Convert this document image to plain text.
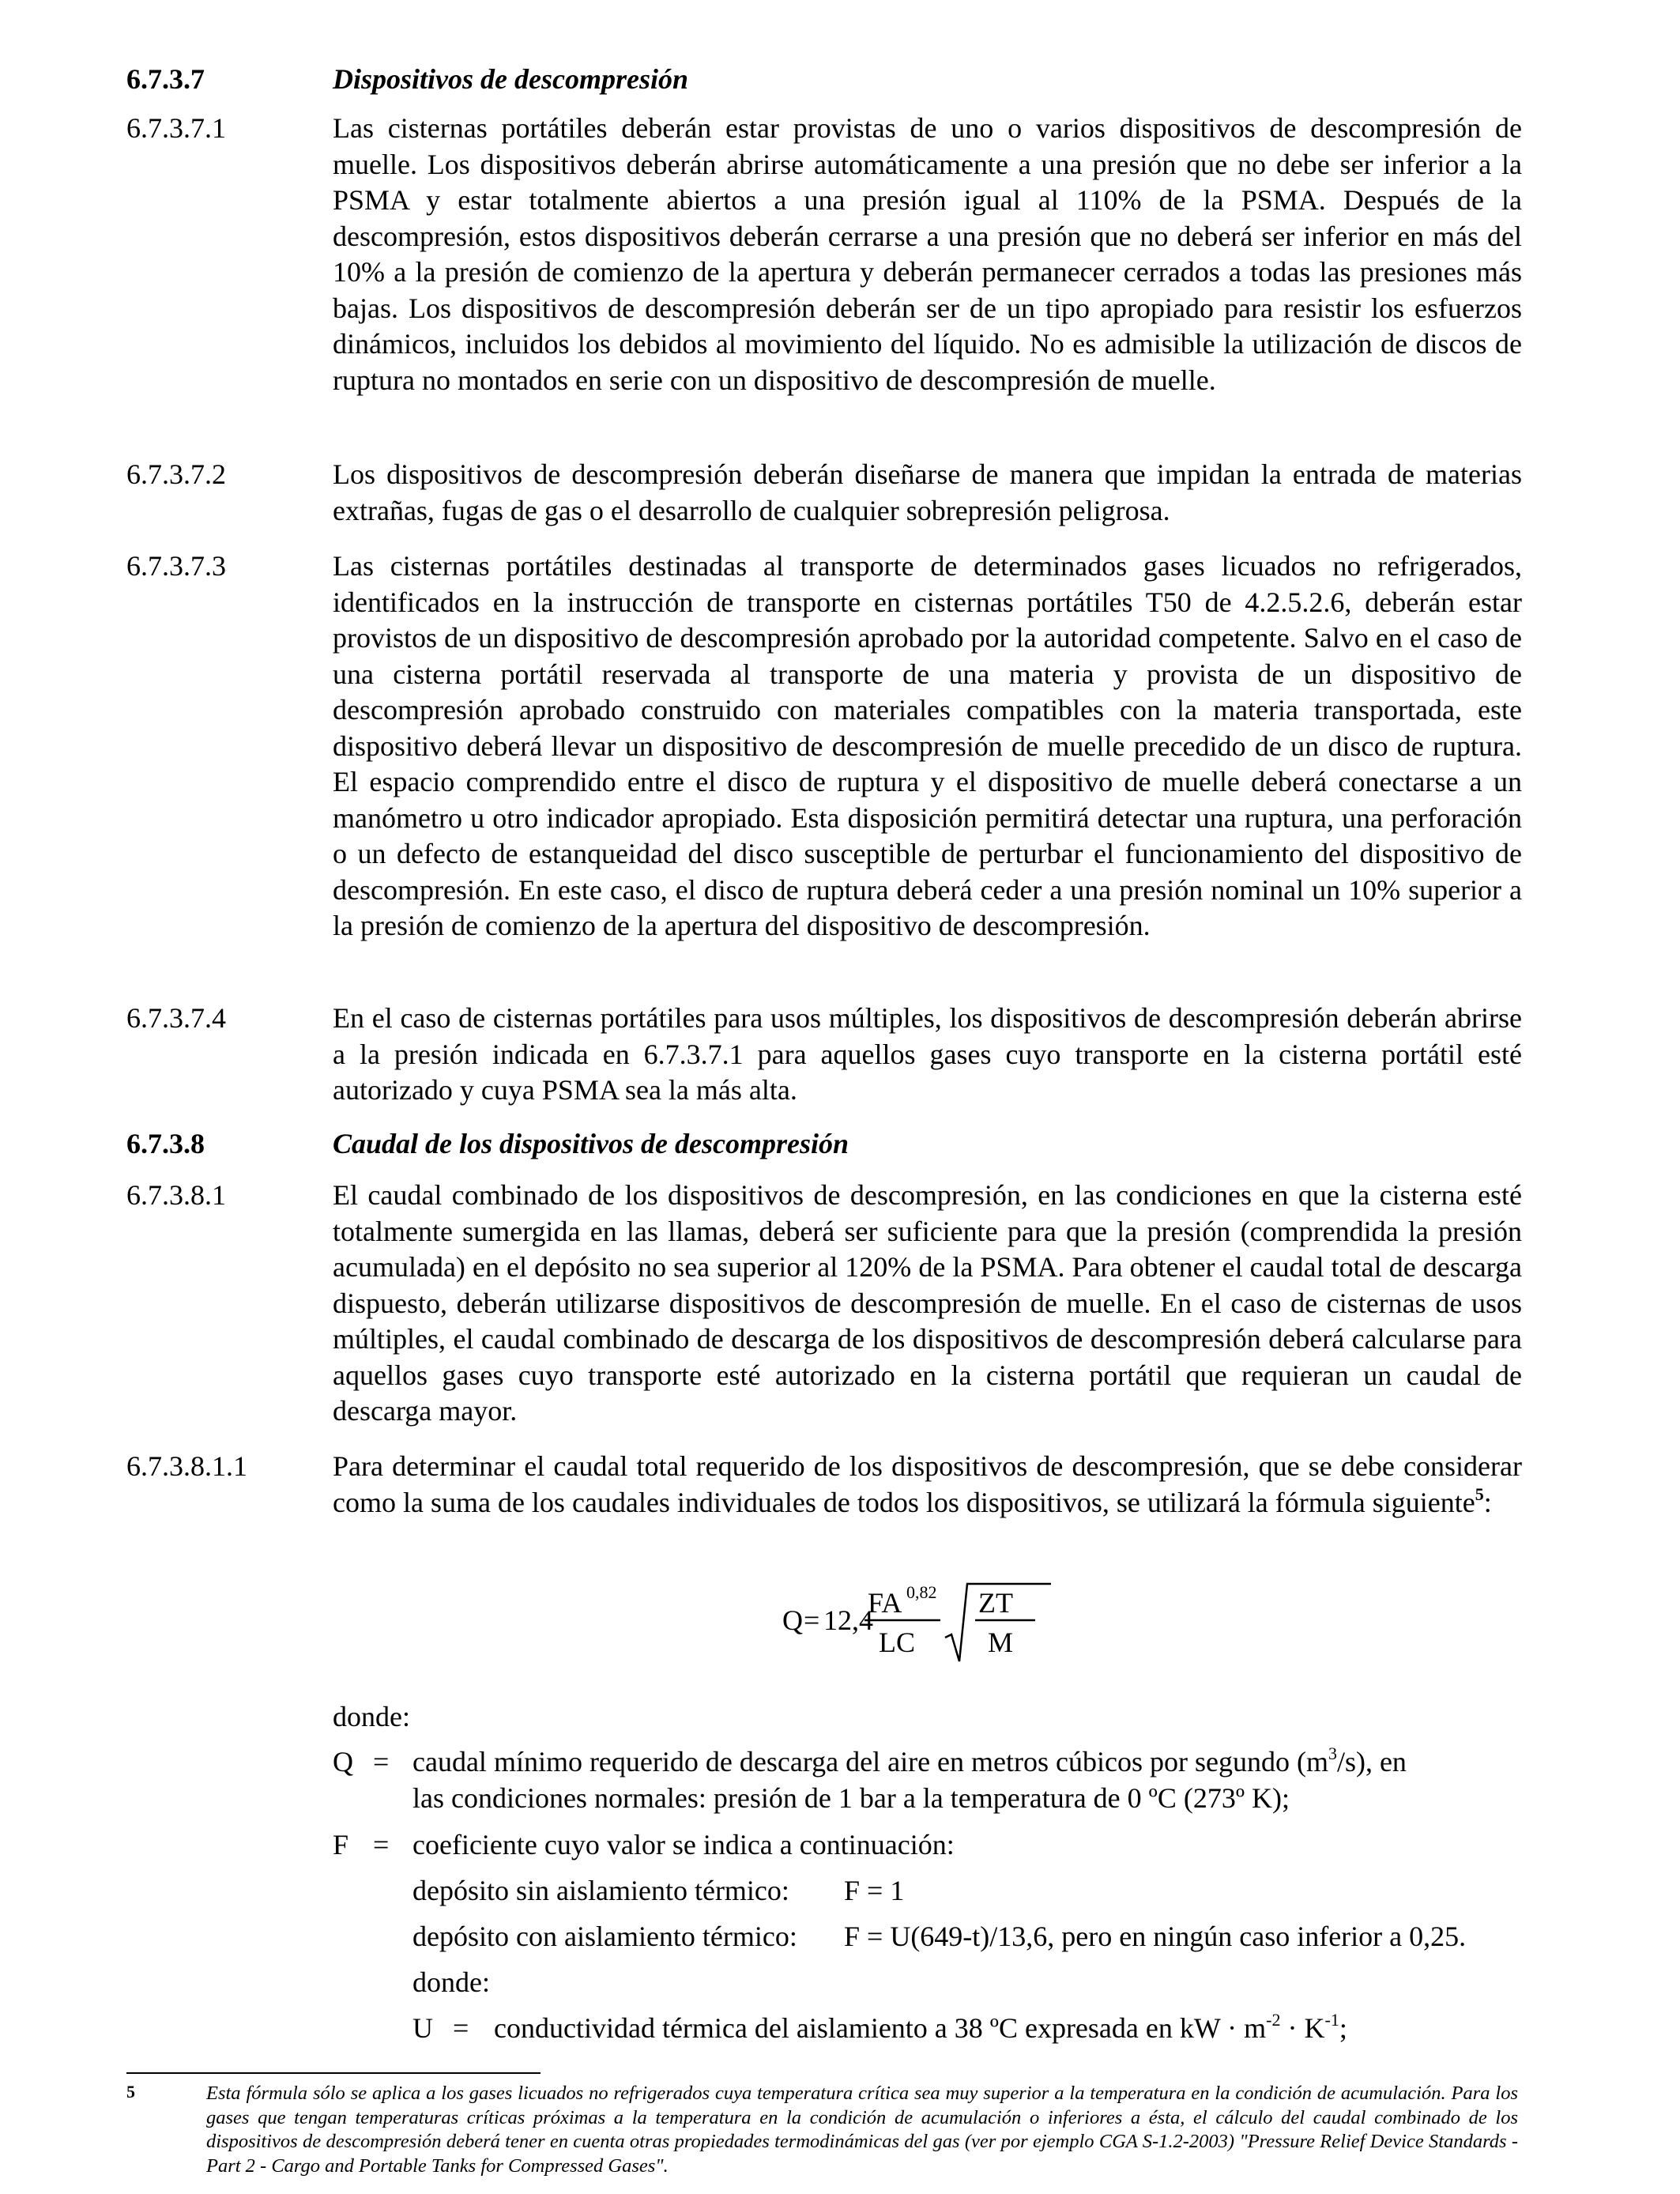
6.7.3.7	Dispositivos de descompresión
6.7.3.7.1	Las cisternas portátiles deberán estar provistas de uno o varios dispositivos de descompresión de muelle. Los dispositivos deberán abrirse automáticamente a una presión que no debe ser inferior a la PSMA y estar totalmente abiertos a una presión igual al 110% de la PSMA. Después de la descompresión, estos dispositivos deberán cerrarse a una presión que no deberá ser inferior en más del 10% a la presión de comienzo de la apertura y deberán permanecer cerrados a todas las presiones más bajas. Los dispositivos de descompresión deberán ser de un tipo apropiado para resistir los esfuerzos dinámicos, incluidos los debidos al movimiento del líquido. No es admisible la utilización de discos de ruptura no montados en serie con un dispositivo de descompresión de muelle.
6.7.3.7.2	Los dispositivos de descompresión deberán diseñarse de manera que impidan la entrada de materias extrañas, fugas de gas o el desarrollo de cualquier sobrepresión peligrosa.
6.7.3.7.3	Las cisternas portátiles destinadas al transporte de determinados gases licuados no refrigerados, identificados en la instrucción de transporte en cisternas portátiles T50 de 4.2.5.2.6, deberán estar provistos de un dispositivo de descompresión aprobado por la autoridad competente. Salvo en el caso de una cisterna portátil reservada al transporte de una materia y provista de un dispositivo de descompresión aprobado construido con materiales compatibles con la materia transportada, este dispositivo deberá llevar un dispositivo de descompresión de muelle precedido de un disco de ruptura. El espacio comprendido entre el disco de ruptura y el dispositivo de muelle deberá conectarse a un manómetro u otro indicador apropiado. Esta disposición permitirá detectar una ruptura, una perforación o un defecto de estanqueidad del disco susceptible de perturbar el funcionamiento del dispositivo de descompresión. En este caso, el disco de ruptura deberá ceder a una presión nominal un 10% superior a la presión de comienzo de la apertura del dispositivo de descompresión.
6.7.3.7.4	En el caso de cisternas portátiles para usos múltiples, los dispositivos de descompresión deberán abrirse a la presión indicada en 6.7.3.7.1 para aquellos gases cuyo transporte en la cisterna portátil esté autorizado y cuya PSMA sea la más alta.
6.7.3.8	Caudal de los dispositivos de descompresión
6.7.3.8.1	El caudal combinado de los dispositivos de descompresión, en las condiciones en que la cisterna esté totalmente sumergida en las llamas, deberá ser suficiente para que la presión (comprendida la presión acumulada) en el depósito no sea superior al 120% de la PSMA. Para obtener el caudal total de descarga dispuesto, deberán utilizarse dispositivos de descompresión de muelle. En el caso de cisternas de usos múltiples, el caudal combinado de descarga de los dispositivos de descompresión deberá calcularse para aquellos gases cuyo transporte esté autorizado en la cisterna portátil que requieran un caudal de descarga mayor.
6.7.3.8.1.1	Para determinar el caudal total requerido de los dispositivos de descompresión, que se debe considerar como la suma de los caudales individuales de todos los dispositivos, se utilizará la fórmula siguiente$^5$:
Q = 12,4
FA 0,82
LC
ZT
M
donde:
Q = caudal mínimo requerido de descarga del aire en metros cúbicos por segundo $(m^3/s)$, en
las condiciones normales: presión de 1 bar a la temperatura de 0 ºC (273º K);
F = coeficiente cuyo valor se indica a continuación:
depósito sin aislamiento térmico: F = 1
depósito con aislamiento térmico: F = U(649-t)/13,6, pero en ningún caso inferior a 0,25.
donde:
U = conductividad térmica del aislamiento a 38 ºC expresada en kW · $m^{-2} \cdot K^{-1}$;
5	Esta fórmula sólo se aplica a los gases licuados no refrigerados cuya temperatura crítica sea muy superior a la temperatura en la condición de acumulación. Para los gases que tengan temperaturas críticas próximas a la temperatura en la condición de acumulación o inferiores a ésta, el cálculo del caudal combinado de los dispositivos de descompresión deberá tener en cuenta otras propiedades termodinámicas del gas (ver por ejemplo CGA S-1.2-2003) "Pressure Relief Device Standards - Part 2 - Cargo and Portable Tanks for Compressed Gases".
